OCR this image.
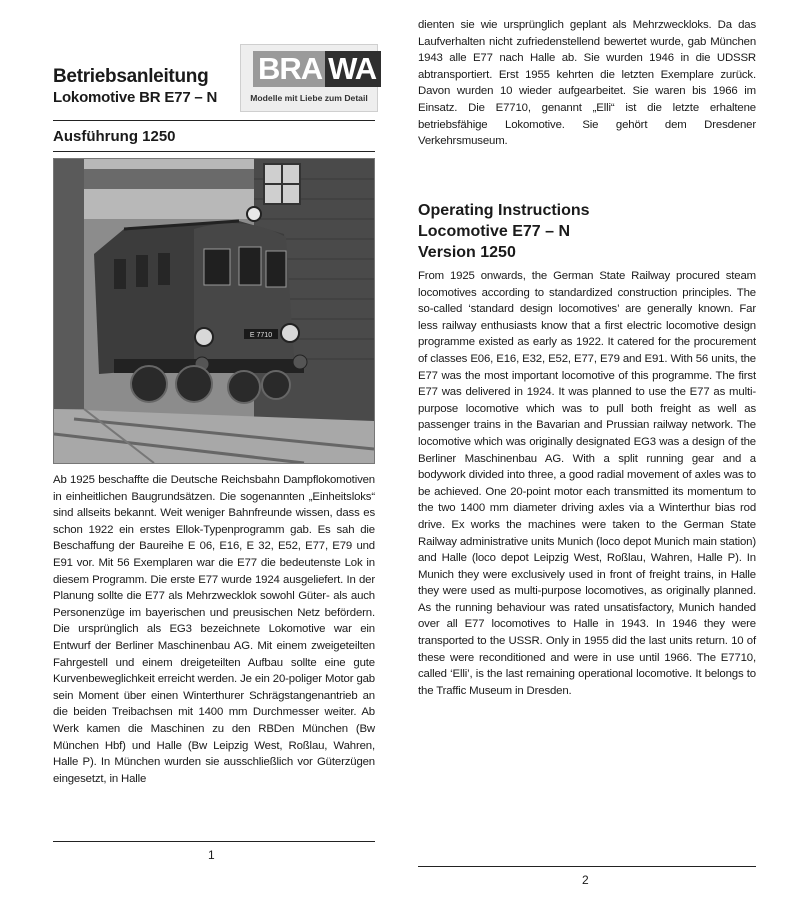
Betriebsanleitung
Lokomotive BR E77 – N
BRA WA
Modelle mit Liebe zum Detail
Ausführung 1250
E 7710
Ab 1925 beschaffte die Deutsche Reichsbahn Dampflokomotiven in einheitlichen Baugrundsätzen. Die sogenannten „Einheitsloks“ sind allseits bekannt. Weit weniger Bahnfreunde wissen, dass es schon 1922 ein erstes Ellok-Typenprogramm gab. Es sah die Beschaffung der Baureihe E 06, E16, E 32, E52, E77, E79 und E91 vor. Mit 56 Exemplaren war die E77 die bedeutenste Lok in diesem Programm. Die erste E77 wurde 1924 ausgeliefert. In der Planung sollte die E77 als Mehrzwecklok sowohl Güter- als auch Personenzüge im bayerischen und preusischen Netz befördern. Die ursprünglich als EG3 bezeichnete Lokomotive war ein Entwurf der Berliner Maschinenbau AG. Mit einem zweigeteilten Fahrgestell und einem dreigeteilten Aufbau sollte eine gute Kurvenbeweglichkeit erreicht werden. Je ein 20-poliger Motor gab sein Moment über einen Winterthurer Schrägstangenantrieb an die beiden Treibachsen mit 1400 mm Durchmesser weiter. Ab Werk kamen die Maschinen zu den RBDen München (Bw München Hbf) und Halle (Bw Leipzig West, Roßlau, Wahren, Halle P). In München wurden sie ausschließlich vor Güterzügen eingesetzt, in Halle
1
dienten sie wie ursprünglich geplant als Mehrzweckloks. Da das Laufverhalten nicht zufriedenstellend bewertet wurde, gab München 1943 alle E77 nach Halle ab. Sie wurden 1946 in die UDSSR abtransportiert. Erst 1955 kehrten die letzten Exemplare zurück. Davon wurden 10 wieder aufgearbeitet. Sie waren bis 1966 im Einsatz. Die E7710, genannt „Elli“ ist die letzte erhaltene betriebsfähige Lokomotive. Sie gehört dem Dresdener Verkehrsmuseum.
Operating Instructions
Locomotive E77 – N
Version 1250
From 1925 onwards, the German State Railway procured steam locomotives according to standardized construction principles. The so-called ‘standard design locomotives’ are generally known. Far less railway enthusiasts know that a first electric locomotive design programme existed as early as 1922. It catered for the procurement of classes E06, E16, E32, E52, E77, E79 and E91. With 56 units, the E77 was the most important locomotive of this programme. The first E77 was delivered in 1924. It was planned to use the E77 as multi-purpose locomotive which was to pull both freight as well as passenger trains in the Bavarian and Prussian railway network. The locomotive which was originally designated EG3 was a design of the Berliner Maschinenbau AG. With a split running gear and a bodywork divided into three, a good radial movement of axles was to be achieved. One 20-point motor each transmitted its momentum to the two 1400 mm diameter driving axles via a Winterthur bias rod drive. Ex works the machines were taken to the German State Railway administrative units Munich (loco depot Munich main station) and Halle (loco depot Leipzig West, Roßlau, Wahren, Halle P). In Munich they were exclusively used in front of freight trains, in Halle they were used as multi-purpose locomotives, as originally planned. As the running behaviour was rated unsatisfactory, Munich handed over all E77 locomotives to Halle in 1943. In 1946 they were transported to the USSR. Only in 1955 did the last units return. 10 of these were reconditioned and were in use until 1966. The E7710, called ‘Elli’, is the last remaining operational locomotive. It belongs to the Traffic Museum in Dresden.
2
